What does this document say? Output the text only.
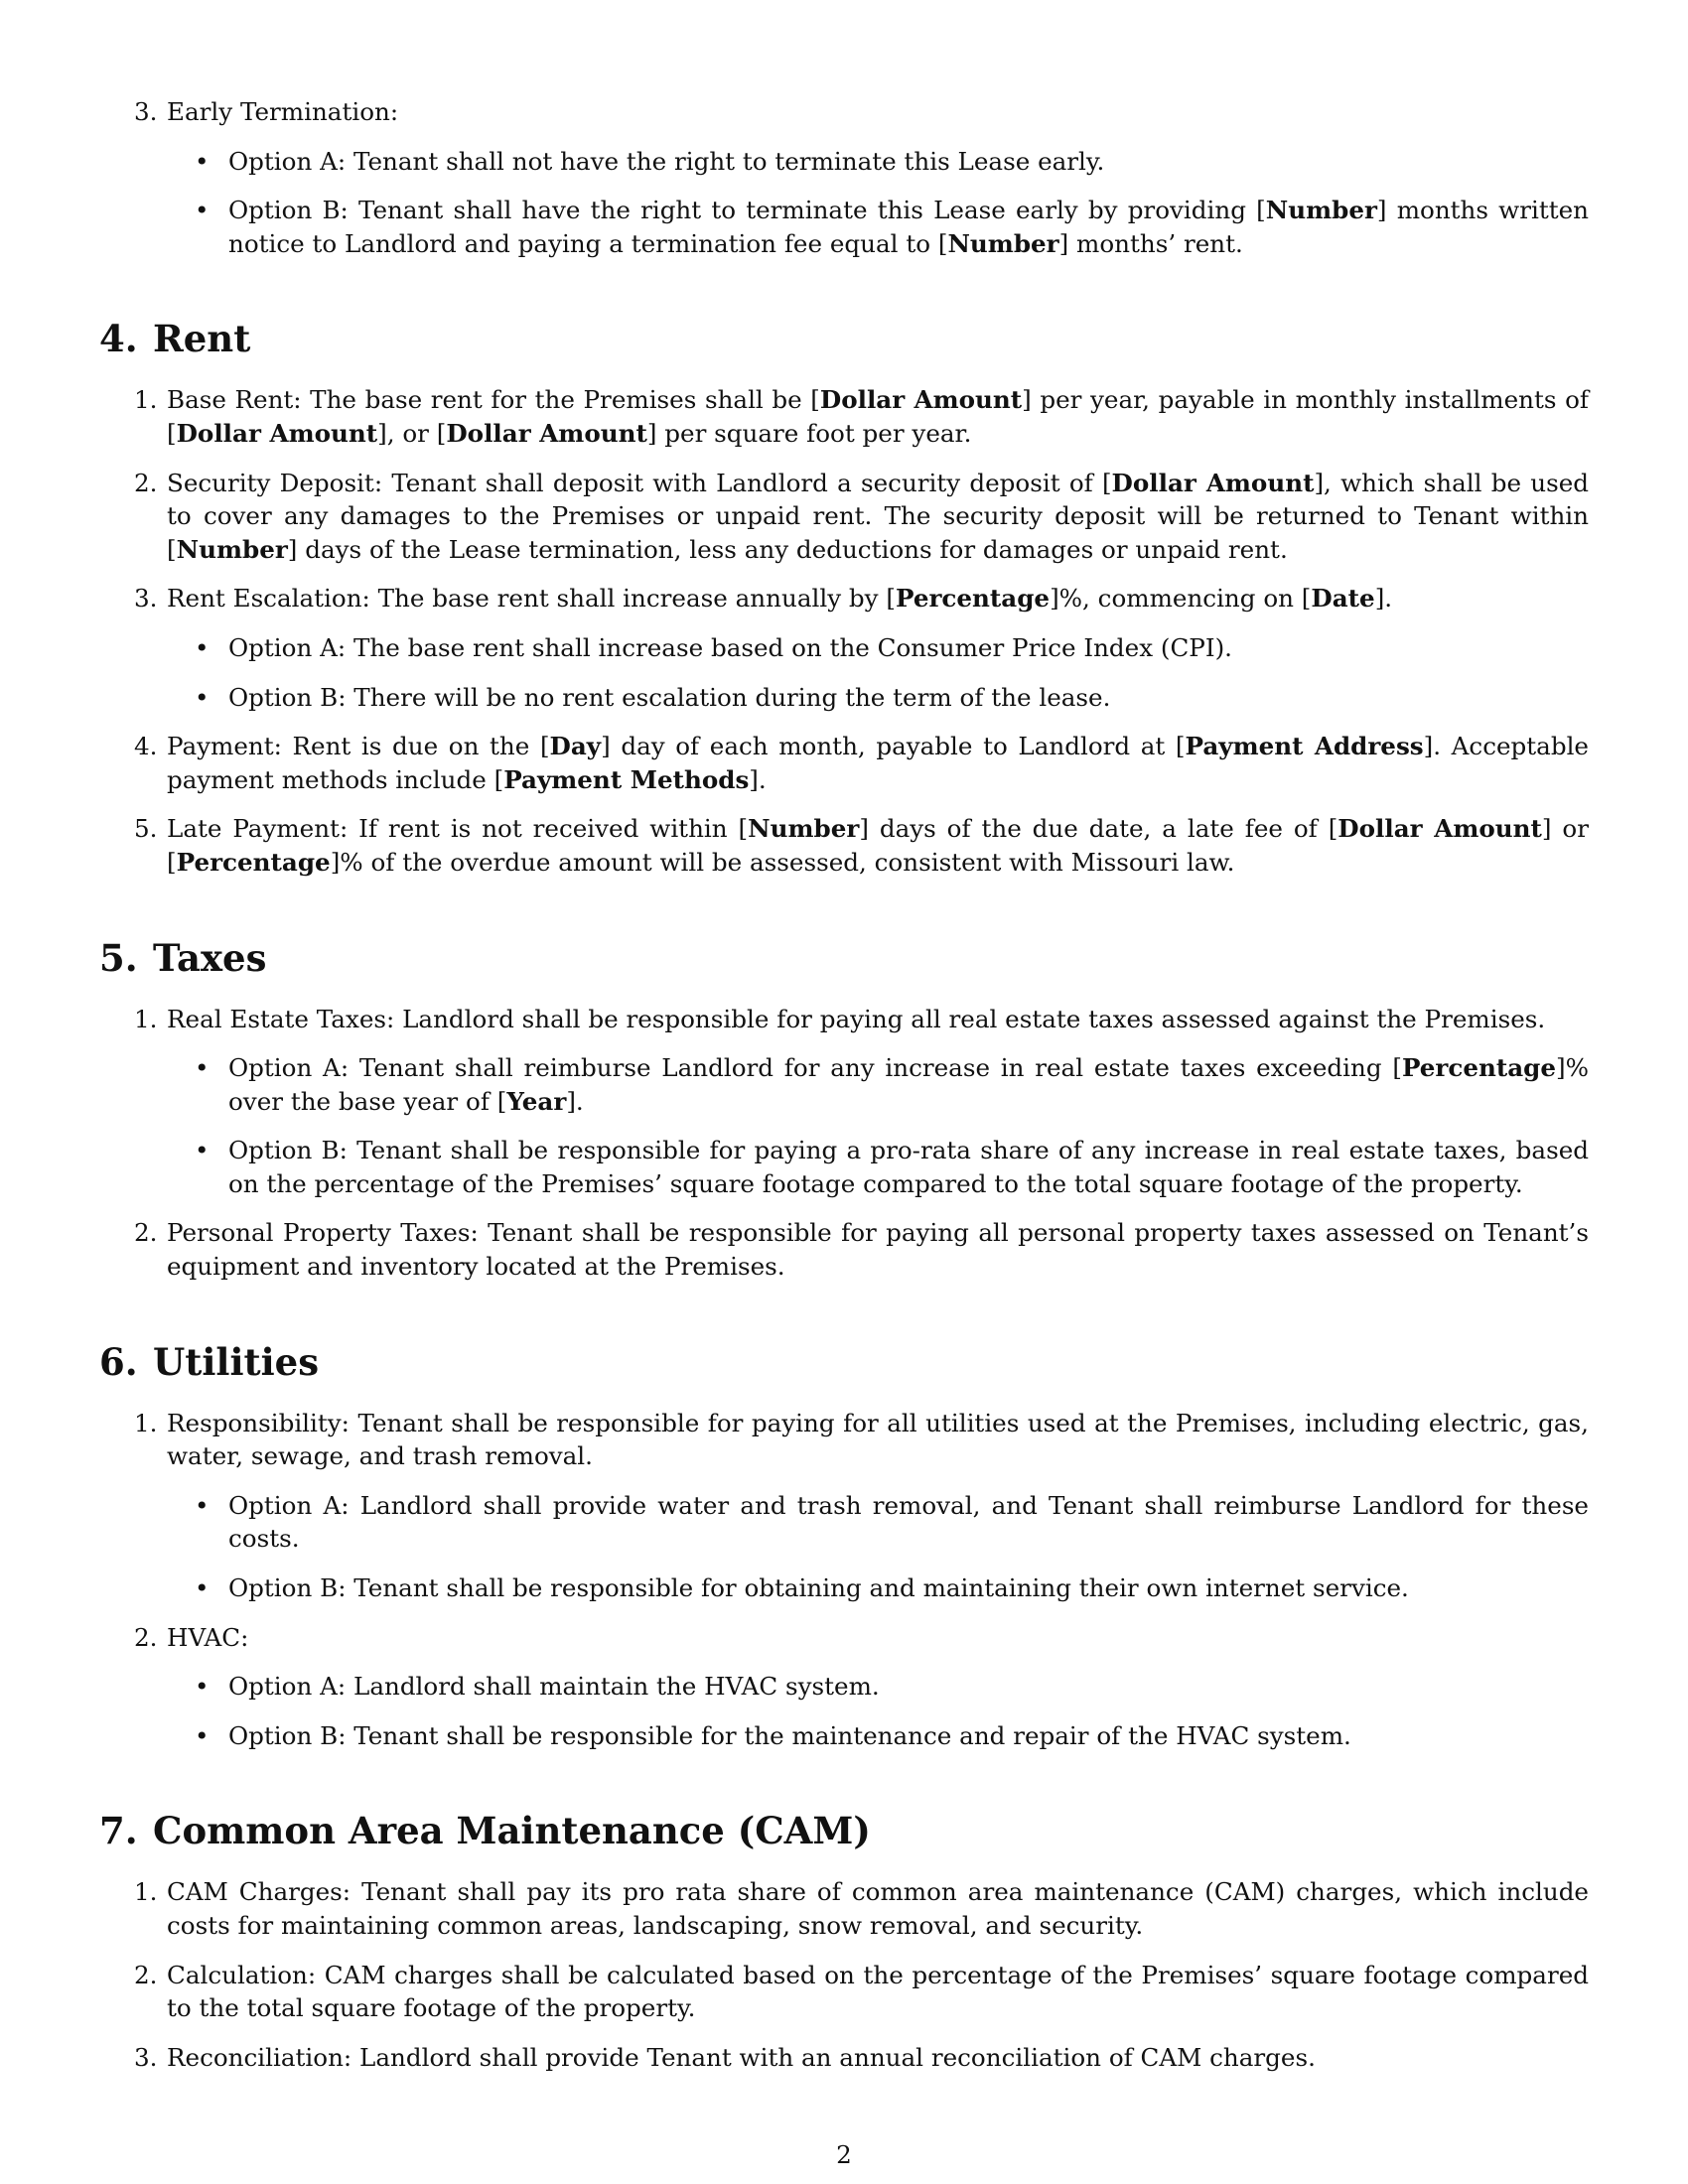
3. Early Termination:
• Option A: Tenant shall not have the right to terminate this Lease early.
• Option B: Tenant shall have the right to terminate this Lease early by providing [Number] months written notice to Landlord and paying a termination fee equal to [Number] months’ rent.
4. Rent
1. Base Rent: The base rent for the Premises shall be [Dollar Amount] per year, payable in monthly installments of [Dollar Amount], or [Dollar Amount] per square foot per year.
2. Security Deposit: Tenant shall deposit with Landlord a security deposit of [Dollar Amount], which shall be used to cover any damages to the Premises or unpaid rent. The security deposit will be returned to Tenant within [Number] days of the Lease termination, less any deductions for damages or unpaid rent.
3. Rent Escalation: The base rent shall increase annually by [Percentage]%, commencing on [Date].
• Option A: The base rent shall increase based on the Consumer Price Index (CPI).
• Option B: There will be no rent escalation during the term of the lease.
4. Payment: Rent is due on the [Day] day of each month, payable to Landlord at [Payment Address]. Acceptable payment methods include [Payment Methods].
5. Late Payment: If rent is not received within [Number] days of the due date, a late fee of [Dollar Amount] or [Percentage]% of the overdue amount will be assessed, consistent with Missouri law.
5. Taxes
1. Real Estate Taxes: Landlord shall be responsible for paying all real estate taxes assessed against the Premises.
• Option A: Tenant shall reimburse Landlord for any increase in real estate taxes exceeding [Percentage]% over the base year of [Year].
• Option B: Tenant shall be responsible for paying a pro-rata share of any increase in real estate taxes, based on the percentage of the Premises’ square footage compared to the total square footage of the property.
2. Personal Property Taxes: Tenant shall be responsible for paying all personal property taxes assessed on Tenant’s equipment and inventory located at the Premises.
6. Utilities
1. Responsibility: Tenant shall be responsible for paying for all utilities used at the Premises, including electric, gas, water, sewage, and trash removal.
• Option A: Landlord shall provide water and trash removal, and Tenant shall reimburse Landlord for these costs.
• Option B: Tenant shall be responsible for obtaining and maintaining their own internet service.
2. HVAC:
• Option A: Landlord shall maintain the HVAC system.
• Option B: Tenant shall be responsible for the maintenance and repair of the HVAC system.
7. Common Area Maintenance (CAM)
1. CAM Charges: Tenant shall pay its pro rata share of common area maintenance (CAM) charges, which include costs for maintaining common areas, landscaping, snow removal, and security.
2. Calculation: CAM charges shall be calculated based on the percentage of the Premises’ square footage compared to the total square footage of the property.
3. Reconciliation: Landlord shall provide Tenant with an annual reconciliation of CAM charges.
2
